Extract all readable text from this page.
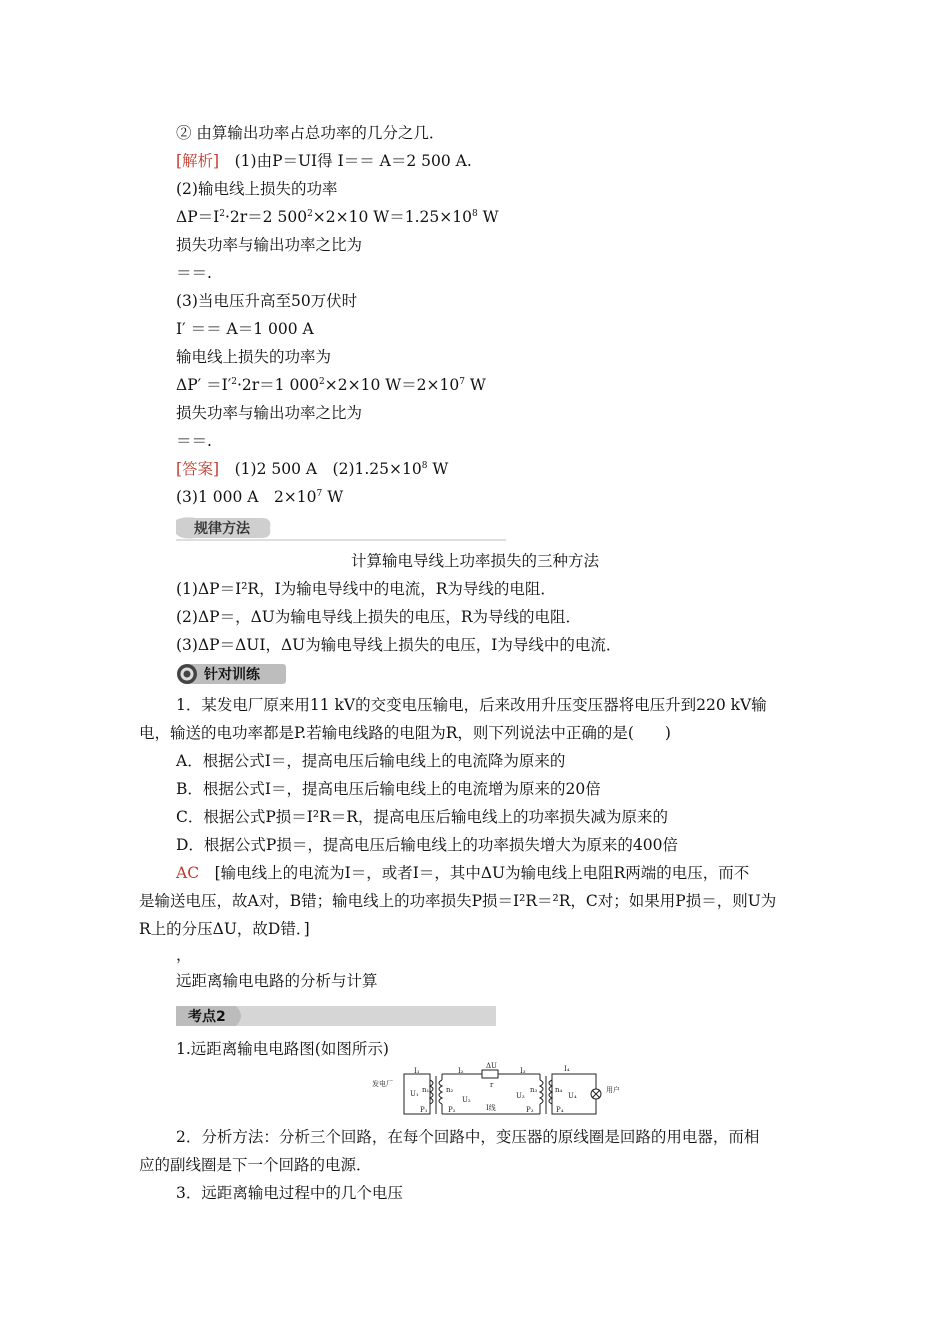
② 由算输出功率占总功率的几分之几．
[解析]　(1)由P＝UI得 I＝＝ A＝2 500 A.
(2)输电线上损失的功率
$\Delta P=I^2\cdot 2r=2$ $500^2\times 2\times 10$ $W=1.25\times 10^8$ W
损失功率与输出功率之比为
＝＝.
(3)当电压升高至50万伏时
I′ ＝＝ A＝1 000 A
输电线上损失的功率为
$\Delta P' =I'^2\cdot 2r=1$ $000^2\times 2\times 10$ $W=2\times 10^7$ W
损失功率与输出功率之比为
＝＝.
[答案]　(1)2 500 A　$(2)1.25\times 10^8$ W
(3)1 000 A　$2\times 10^7$ W
规律方法
计算输电导线上功率损失的三种方法
(1)ΔP＝I²R，I为输电导线中的电流，R为导线的电阻．
(2)ΔP＝，ΔU为输电导线上损失的电压，R为导线的电阻．
(3)ΔP＝ΔUI，ΔU为输电导线上损失的电压，I为导线中的电流．
针对训练
1．某发电厂原来用11 kV的交变电压输电，后来改用升压变压器将电压升到220 kV输
电，输送的电功率都是P.若输电线路的电阻为R，则下列说法中正确的是(　　)
A．根据公式I＝，提高电压后输电线上的电流降为原来的
B．根据公式I＝，提高电压后输电线上的电流增为原来的20倍
C．根据公式P损＝I²R＝R，提高电压后输电线上的功率损失减为原来的
D．根据公式P损＝，提高电压后输电线上的功率损失增大为原来的400倍
AC　[输电线上的电流为I＝，或者I＝，其中ΔU为输电线上电阻R两端的电压，而不
是输送电压，故A对，B错；输电线上的功率损失P损＝I²R＝²R，C对；如果用P损＝，则U为
R上的分压ΔU，故D错．]
，
远距离输电电路的分析与计算
考点2
1.远距离输电电路图(如图所示)
发电厂
用户
I₁
U₁
P₁
n₁ n₂
I₂
U₂
P₂
ΔU
r
I线
I₃
U₃
n₃
P₃
n₄
I₄
U₄
P₄
2．分析方法：分析三个回路，在每个回路中，变压器的原线圈是回路的用电器，而相
应的副线圈是下一个回路的电源．
3．远距离输电过程中的几个电压
